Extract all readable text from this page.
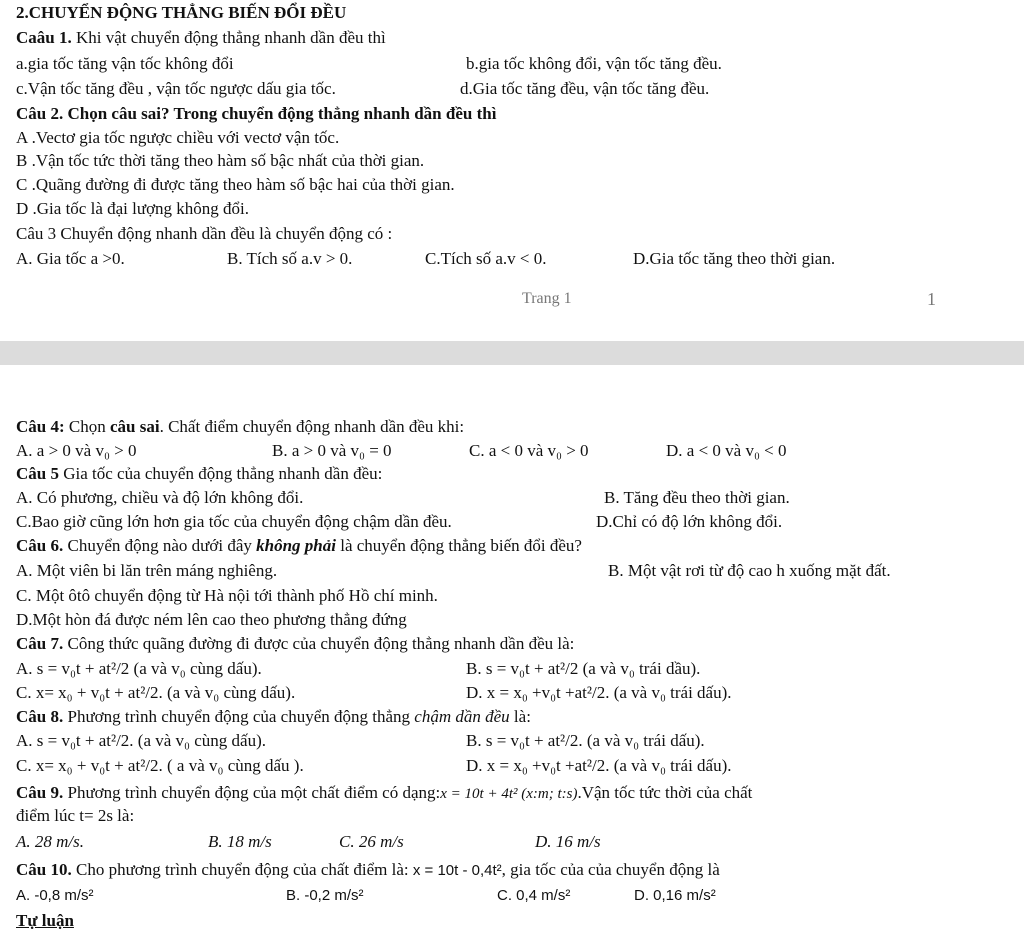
2.CHUYỂN ĐỘNG THẲNG BIẾN ĐỔI ĐỀU
Caâu 1. Khi vật chuyển động thẳng nhanh dần đều thì
a.gia tốc tăng vận tốc không đổi	b.gia tốc không đổi, vận tốc tăng đều.
c.Vận tốc tăng đều , vận tốc ngược dấu gia tốc.	d.Gia tốc tăng đều, vận tốc tăng đều.
Câu 2. Chọn câu sai? Trong chuyển động thẳng nhanh dần đều thì
A .Vectơ gia tốc ngược chiều với vectơ vận tốc.
B .Vận tốc tức thời tăng theo hàm số bậc nhất của thời gian.
C .Quãng đường đi được tăng theo hàm số bậc hai của thời gian.
D .Gia tốc là đại lượng không đổi.
Câu 3 Chuyển động nhanh dần đều là chuyển động có :
A. Gia tốc a >0.	B. Tích số a.v > 0.	C.Tích số a.v < 0.	D.Gia tốc tăng theo thời gian.
Trang 1	1
Câu 4: Chọn câu sai. Chất điểm chuyển động nhanh dần đều khi:
A. a > 0 và v₀ > 0	B. a > 0 và v₀ = 0	C. a < 0 và v₀ > 0	D. a < 0 và v₀ < 0
Câu 5 Gia tốc của chuyển động thẳng nhanh dần đều:
A. Có phương, chiều và độ lớn không đổi.	B. Tăng đều theo thời gian.
C.Bao giờ cũng lớn hơn gia tốc của chuyển động chậm dần đều.	D.Chỉ có độ lớn không đổi.
Câu 6. Chuyển động nào dưới đây không phải là chuyển động thẳng biến đổi đều?
A. Một viên bi lăn trên máng nghiêng.	B. Một vật rơi từ độ cao h xuống mặt đất.
C. Một ôtô chuyển động từ Hà nội tới thành phố Hồ chí minh.
D.Một hòn đá được ném lên cao theo phương thẳng đứng
Câu 7. Công thức quãng đường đi được của chuyển động thẳng nhanh dần đều là:
A. s = v₀t + at²/2 (a và v₀ cùng dấu).	B. s = v₀t + at²/2 (a và v₀ trái dầu).
C. x= x₀ + v₀t + at²/2. (a và v₀ cùng dấu).	D. x = x₀ +v₀t +at²/2. (a và v₀ trái dấu).
Câu 8. Phương trình chuyển động của chuyển động thẳng chậm dần đều là:
A. s = v₀t + at²/2. (a và v₀ cùng dấu).	B. s = v₀t + at²/2. (a và v₀ trái dấu).
C. x= x₀ + v₀t + at²/2. ( a và v₀ cùng dấu ).	D. x = x₀ +v₀t +at²/2. (a và v₀ trái dấu).
Câu 9. Phương trình chuyển động của một chất điểm có dạng:x = 10t + 4t² (x:m; t:s).Vận tốc tức thời của chất
điểm lúc t= 2s là:
A. 28 m/s.	B. 18 m/s	C. 26 m/s	D. 16 m/s
Câu 10. Cho phương trình chuyển động của chất điểm là: x = 10t - 0,4t², gia tốc của của chuyển động là
A. -0,8 m/s²	B. -0,2 m/s²	C. 0,4 m/s²	D. 0,16 m/s²
Tự luận
